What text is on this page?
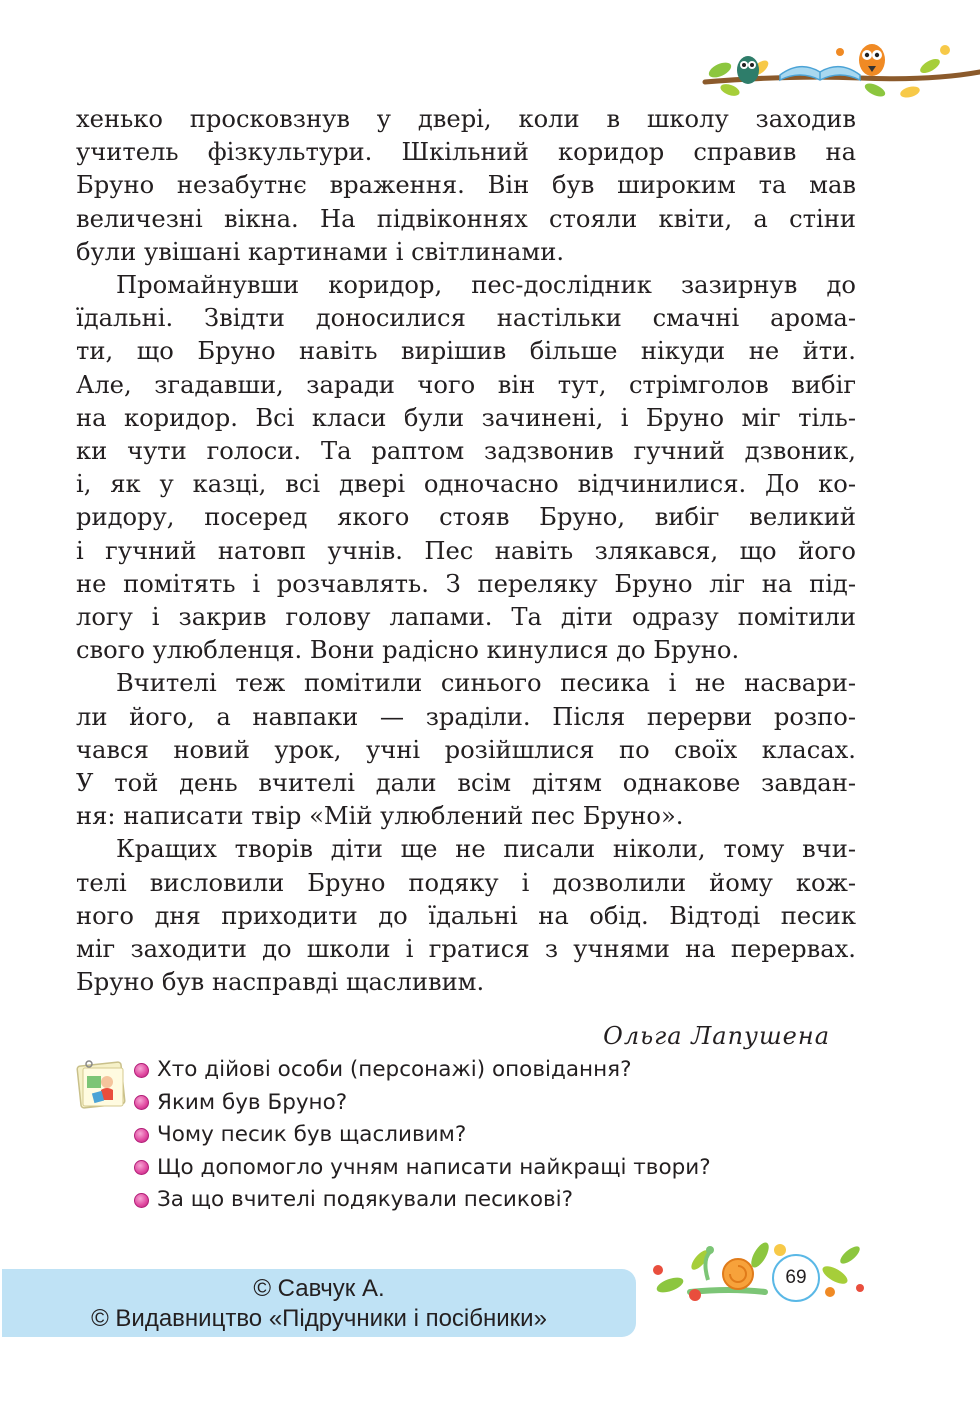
хенько просковзнув у двері, коли в школу заходив
учитель фізкультури. Шкільний коридор справив на
Бруно незабутнє враження. Він був широким та мав
величезні вікна. На підвіконнях стояли квіти, а стіни
були увішані картинами і світлинами.

Промайнувши коридор, пес-дослідник зазирнув до
їдальні. Звідти доносилися настільки смачні арома-
ти, що Бруно навіть вирішив більше нікуди не йти.
Але, згадавши, заради чого він тут, стрімголов вибіг
на коридор. Всі класи були зачинені, і Бруно міг тіль-
ки чути голоси. Та раптом задзвонив гучний дзвоник,
і, як у казці, всі двері одночасно відчинилися. До ко-
ридору, посеред якого стояв Бруно, вибіг великий
і гучний натовп учнів. Пес навіть злякався, що його
не помітять і розчавлять. З переляку Бруно ліг на під-
логу і закрив голову лапами. Та діти одразу помітили
свого улюбленця. Вони радісно кинулися до Бруно.

Вчителі теж помітили синього песика і не насвари-
ли його, а навпаки — зраділи. Після перерви розпо-
чався новий урок, учні розійшлися по своїх класах.
У той день вчителі дали всім дітям однакове завдан-
ня: написати твір «Мій улюблений пес Бруно».

Кращих творів діти ще не писали ніколи, тому вчи-
телі висловили Бруно подяку і дозволили йому кож-
ного дня приходити до їдальні на обід. Відтоді песик
міг заходити до школи і гратися з учнями на перервах.
Бруно був насправді щасливим.

Ольга Лапушена
Хто дійові особи (персонажі) оповідання?
Яким був Бруно?
Чому песик був щасливим?
Що допомогло учням написати найкращі твори?
За що вчителі подякували песикові?
69
© Савчук А.
© Видавництво «Підручники і посібники»
